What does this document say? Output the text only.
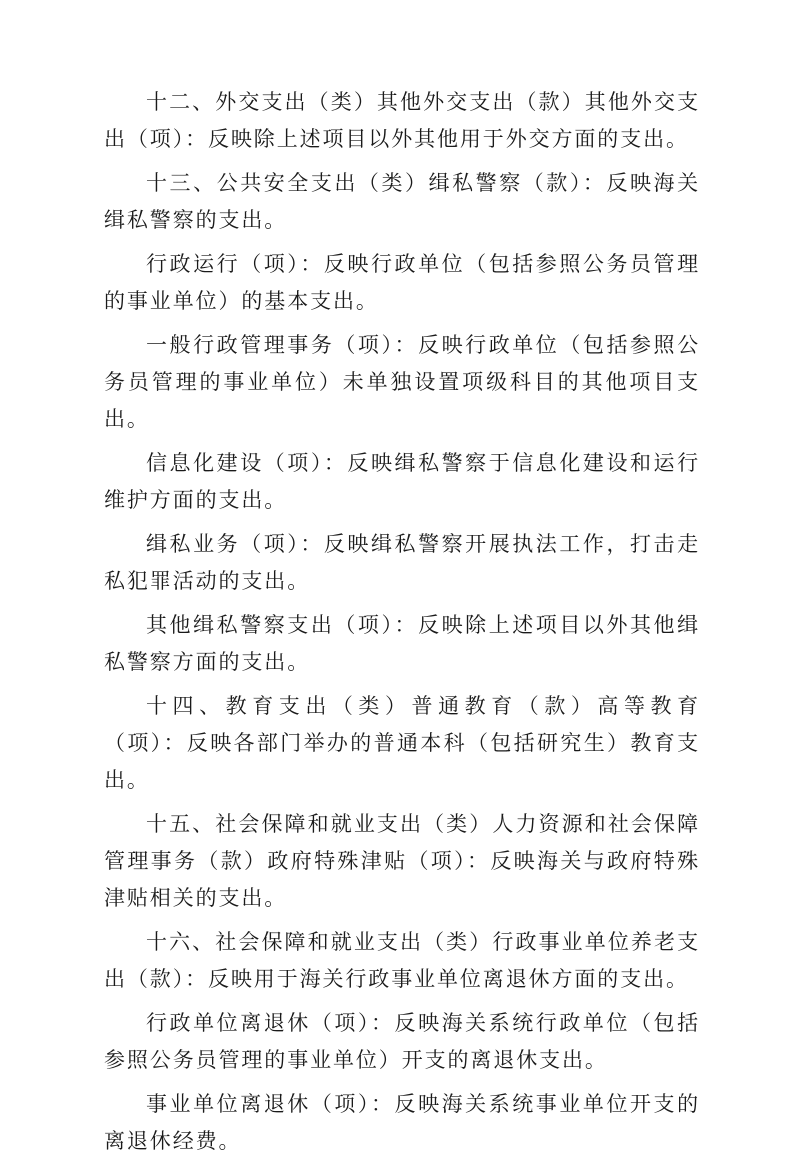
十二、外交支出（类）其他外交支出（款）其他外交支出（项）：反映除上述项目以外其他用于外交方面的支出。

十三、公共安全支出（类）缉私警察（款）：反映海关缉私警察的支出。

行政运行（项）：反映行政单位（包括参照公务员管理的事业单位）的基本支出。

一般行政管理事务（项）：反映行政单位（包括参照公务员管理的事业单位）未单独设置项级科目的其他项目支出。

信息化建设（项）：反映缉私警察于信息化建设和运行维护方面的支出。

缉私业务（项）：反映缉私警察开展执法工作，打击走私犯罪活动的支出。

其他缉私警察支出（项）：反映除上述项目以外其他缉私警察方面的支出。

十四、教育支出（类）普通教育（款）高等教育（项）：反映各部门举办的普通本科（包括研究生）教育支出。

十五、社会保障和就业支出（类）人力资源和社会保障管理事务（款）政府特殊津贴（项）：反映海关与政府特殊津贴相关的支出。

十六、社会保障和就业支出（类）行政事业单位养老支出（款）：反映用于海关行政事业单位离退休方面的支出。

行政单位离退休（项）：反映海关系统行政单位（包括参照公务员管理的事业单位）开支的离退休支出。

事业单位离退休（项）：反映海关系统事业单位开支的离退休经费。
